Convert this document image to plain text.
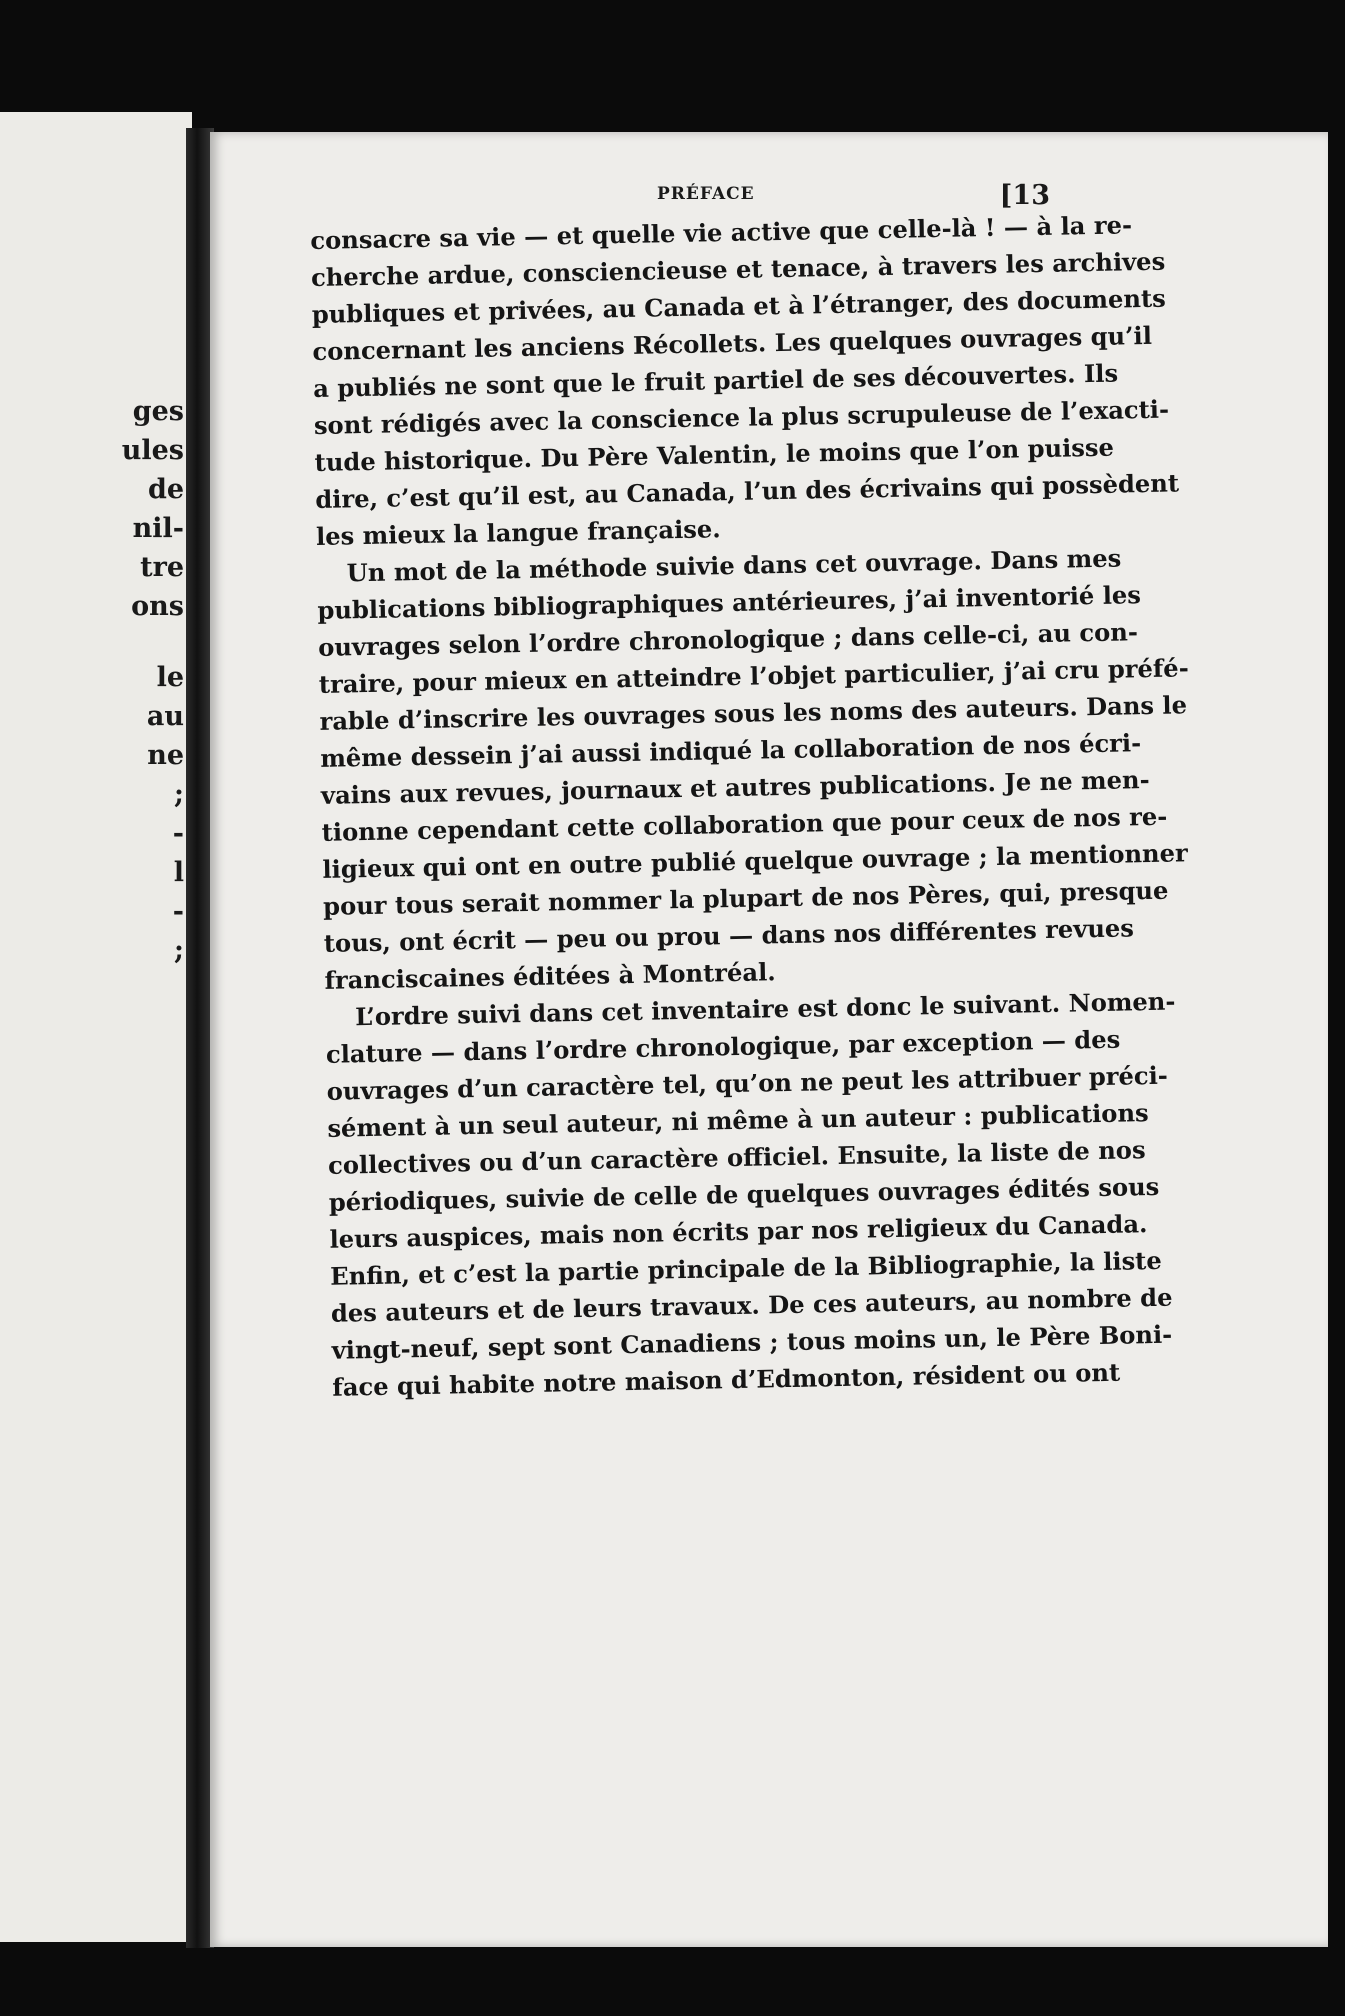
ges
ules
de
nil-
tre
ons
le
au
ne
;
-
l
-
;
PRÉFACE	[13

consacre sa vie — et quelle vie active que celle-là ! — à la re-
cherche ardue, consciencieuse et tenace, à travers les archives
publiques et privées, au Canada et à l’étranger, des documents
concernant les anciens Récollets. Les quelques ouvrages qu’il
a publiés ne sont que le fruit partiel de ses découvertes. Ils
sont rédigés avec la conscience la plus scrupuleuse de l’exacti-
tude historique. Du Père Valentin, le moins que l’on puisse
dire, c’est qu’il est, au Canada, l’un des écrivains qui possèdent
les mieux la langue française.

Un mot de la méthode suivie dans cet ouvrage. Dans mes
publications bibliographiques antérieures, j’ai inventorié les
ouvrages selon l’ordre chronologique ; dans celle-ci, au con-
traire, pour mieux en atteindre l’objet particulier, j’ai cru préfé-
rable d’inscrire les ouvrages sous les noms des auteurs. Dans le
même dessein j’ai aussi indiqué la collaboration de nos écri-
vains aux revues, journaux et autres publications. Je ne men-
tionne cependant cette collaboration que pour ceux de nos re-
ligieux qui ont en outre publié quelque ouvrage ; la mentionner
pour tous serait nommer la plupart de nos Pères, qui, presque
tous, ont écrit — peu ou prou — dans nos différentes revues
franciscaines éditées à Montréal.

L’ordre suivi dans cet inventaire est donc le suivant. Nomen-
clature — dans l’ordre chronologique, par exception — des
ouvrages d’un caractère tel, qu’on ne peut les attribuer préci-
sément à un seul auteur, ni même à un auteur : publications
collectives ou d’un caractère officiel. Ensuite, la liste de nos
périodiques, suivie de celle de quelques ouvrages édités sous
leurs auspices, mais non écrits par nos religieux du Canada.
Enfin, et c’est la partie principale de la Bibliographie, la liste
des auteurs et de leurs travaux. De ces auteurs, au nombre de
vingt-neuf, sept sont Canadiens ; tous moins un, le Père Boni-
face qui habite notre maison d’Edmonton, résident ou ont
